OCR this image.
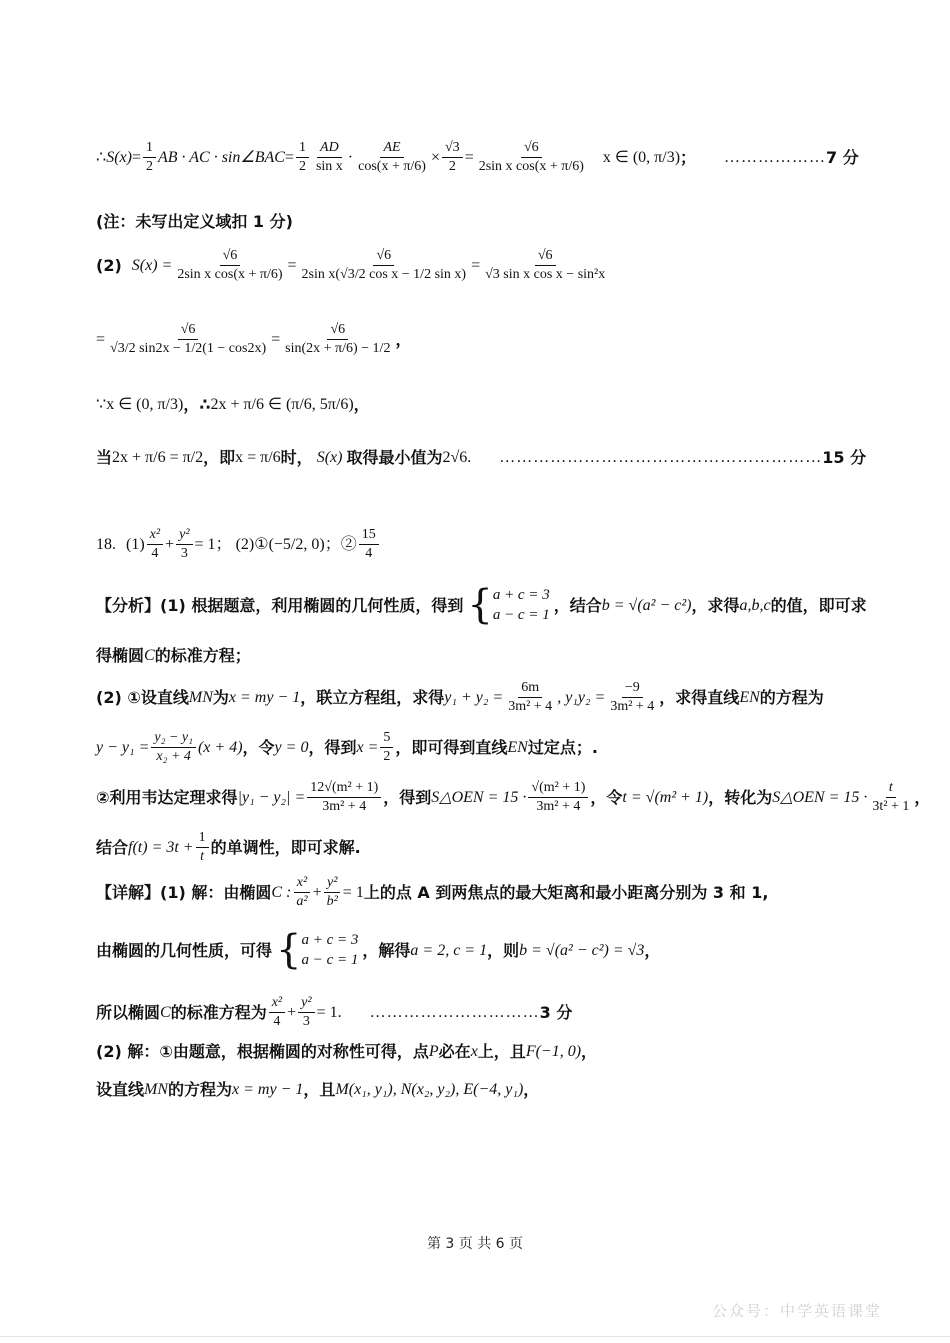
∴ $S(x) = \frac{1}{2}$ AB · AC · sin∠BAC = $\frac{1}{2} \frac{AD}{\text{sin x}} \cdot \frac{AE}{\cos(x + \pi/6)} \times \frac{√3}{2} = \frac{√6}{\text{2sin x cos(x + π/6)}}$ x ∈ (0, π/3) ； ……………… 7 分
(注：未写出定义域扣 1 分)
(2) $S(x) = \frac{√6}{\text{2sin x cos(x + π/6)}} = \frac{√6}{\text{2sin x(√3/2 cos x − 1/2 sin x)}} = \frac{√6}{\text{√3 sin x cos x − sin²x}}$
= $\frac{√6}{√3/2 \sin 2x - 1/2(1 - \cos 2x)} = \frac{√6}{\sin(2x + \pi/6) - 1/2}$ ，
∵ x ∈ (0, π/3) ，∴ 2x + π/6 ∈ (π/6, 5π/6) ，
当 2x + π/6 = π/2 ，即 x = π/6 时， S(x) 取得最小值为 2√6 . ………………………………………………… 15 分
18. $(1) \frac{\text{x²}}{4} + \frac{\text{y²}}{3} = 1$； (2)① (−5/2, 0) ；② $\frac{15}{4}$
【分析】 (1) 根据题意，利用椭圆的几何性质，得到 { a + c = 3
a − c = 1
，结合 b = √(a² − c²) ，求得 a,b,c 的值，即可求
得椭圆 C 的标准方程；
(2) ①设直线 MN 为 x = my − 1 ，联立方程组，求得 $y_1 + y_2 = \frac{6m}{\text{3m² + 4}}$ , $y_1y_2 = \frac{-9}{\text{3m² + 4}}$ ，求得直线 EN 的方程为
$y - y_1 = \frac{\text{y₂ − y₁}}{\text{x₂ + 4}} (x + 4)$ ，令 y = 0 ，得到 $x = \frac{5}{2}$ ，即可得到直线 EN 过定点；.
②利用韦达定理求得 $|y_1 - y_2| = \frac{\text{12√(m² + 1)}}{\text{3m² + 4}}$ ，得到 S△OEN = $15 \cdot \frac{\text{√(m² + 1)}}{\text{3m² + 4}}$ ，令 t = √(m² + 1) ，转化为 S△OEN = $15 \cdot \frac{t}{\text{3t² + 1}}$ ，
结合 $f(t) = 3t + \frac{1}{t}$ 的单调性，即可求解.
【详解】 (1) 解：由椭圆 C : $\frac{\text{x²}}{\text{a²}} + \frac{\text{y²}}{\text{b²}} = 1$ 上的点 A 到两焦点的最大矩离和最小距离分别为 3 和 1,
由椭圆的几何性质，可得 { a + c = 3
a − c = 1
，解得 a = 2, c = 1 ，则 b = √(a² − c²) = √3 ，
所以椭圆 C 的标准方程为 $\frac{\text{x²}}{4} + \frac{\text{y²}}{3} = 1$. ………………………… 3 分
(2) 解：①由题意，根据椭圆的对称性可得，点 P 必在 x 上，且 F(−1, 0) ，
设直线 MN 的方程为 x = my − 1 ，且 M(x₁, y₁), N(x₂, y₂), E(−4, y₁) ，
第 3 页 共 6 页
公众号：中学英语课堂
